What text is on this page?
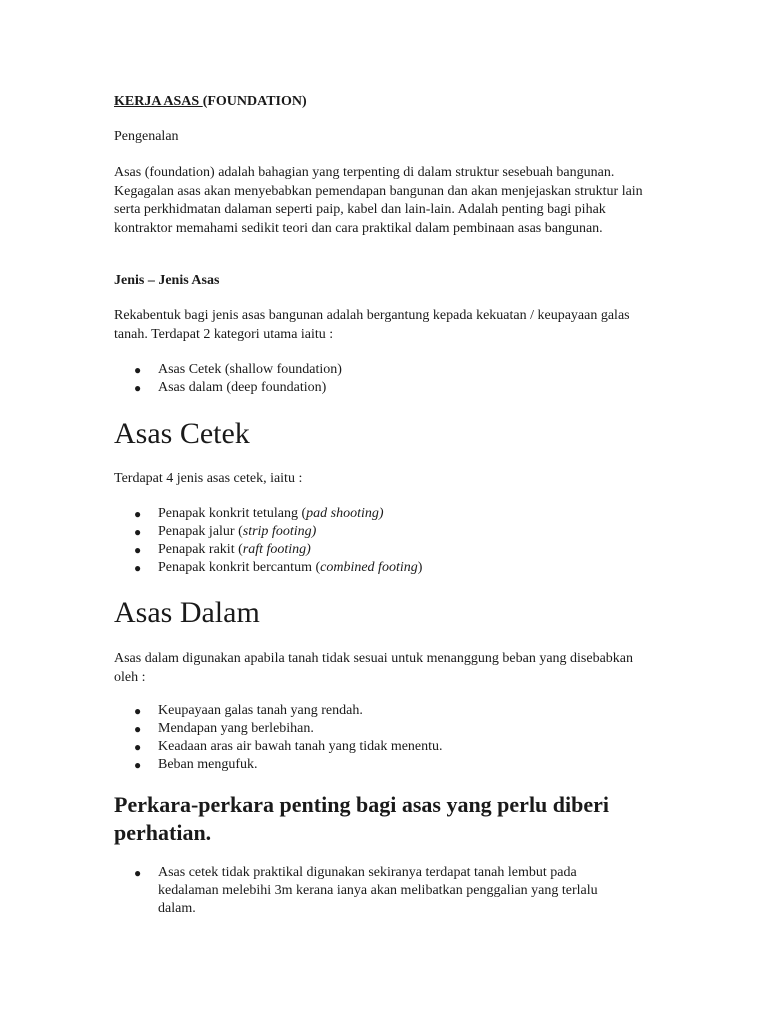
KERJA ASAS (FOUNDATION)

Pengenalan

Asas (foundation) adalah bahagian yang terpenting di dalam struktur sesebuah bangunan. Kegagalan asas akan menyebabkan pemendapan bangunan dan akan menjejaskan struktur lain serta perkhidmatan dalaman seperti paip, kabel dan lain-lain. Adalah penting bagi pihak kontraktor memahami sedikit teori dan cara praktikal dalam pembinaan asas bangunan.

Jenis – Jenis Asas

Rekabentuk bagi jenis asas bangunan adalah bergantung kepada kekuatan / keupayaan galas tanah. Terdapat 2 kategori utama iaitu :

● Asas Cetek (shallow foundation)
● Asas dalam (deep foundation)
Asas Cetek

Terdapat 4 jenis asas cetek, iaitu :

● Penapak konkrit tetulang (pad shooting)
● Penapak jalur (strip footing)
● Penapak rakit (raft footing)
● Penapak konkrit bercantum (combined footing)
Asas Dalam

Asas dalam digunakan apabila tanah tidak sesuai untuk menanggung beban yang disebabkan oleh :

● Keupayaan galas tanah yang rendah.
● Mendapan yang berlebihan.
● Keadaan aras air bawah tanah yang tidak menentu.
● Beban mengufuk.
Perkara-perkara penting bagi asas yang perlu diberi perhatian.
● Asas cetek tidak praktikal digunakan sekiranya terdapat tanah lembut pada kedalaman melebihi 3m kerana ianya akan melibatkan penggalian yang terlalu dalam.
